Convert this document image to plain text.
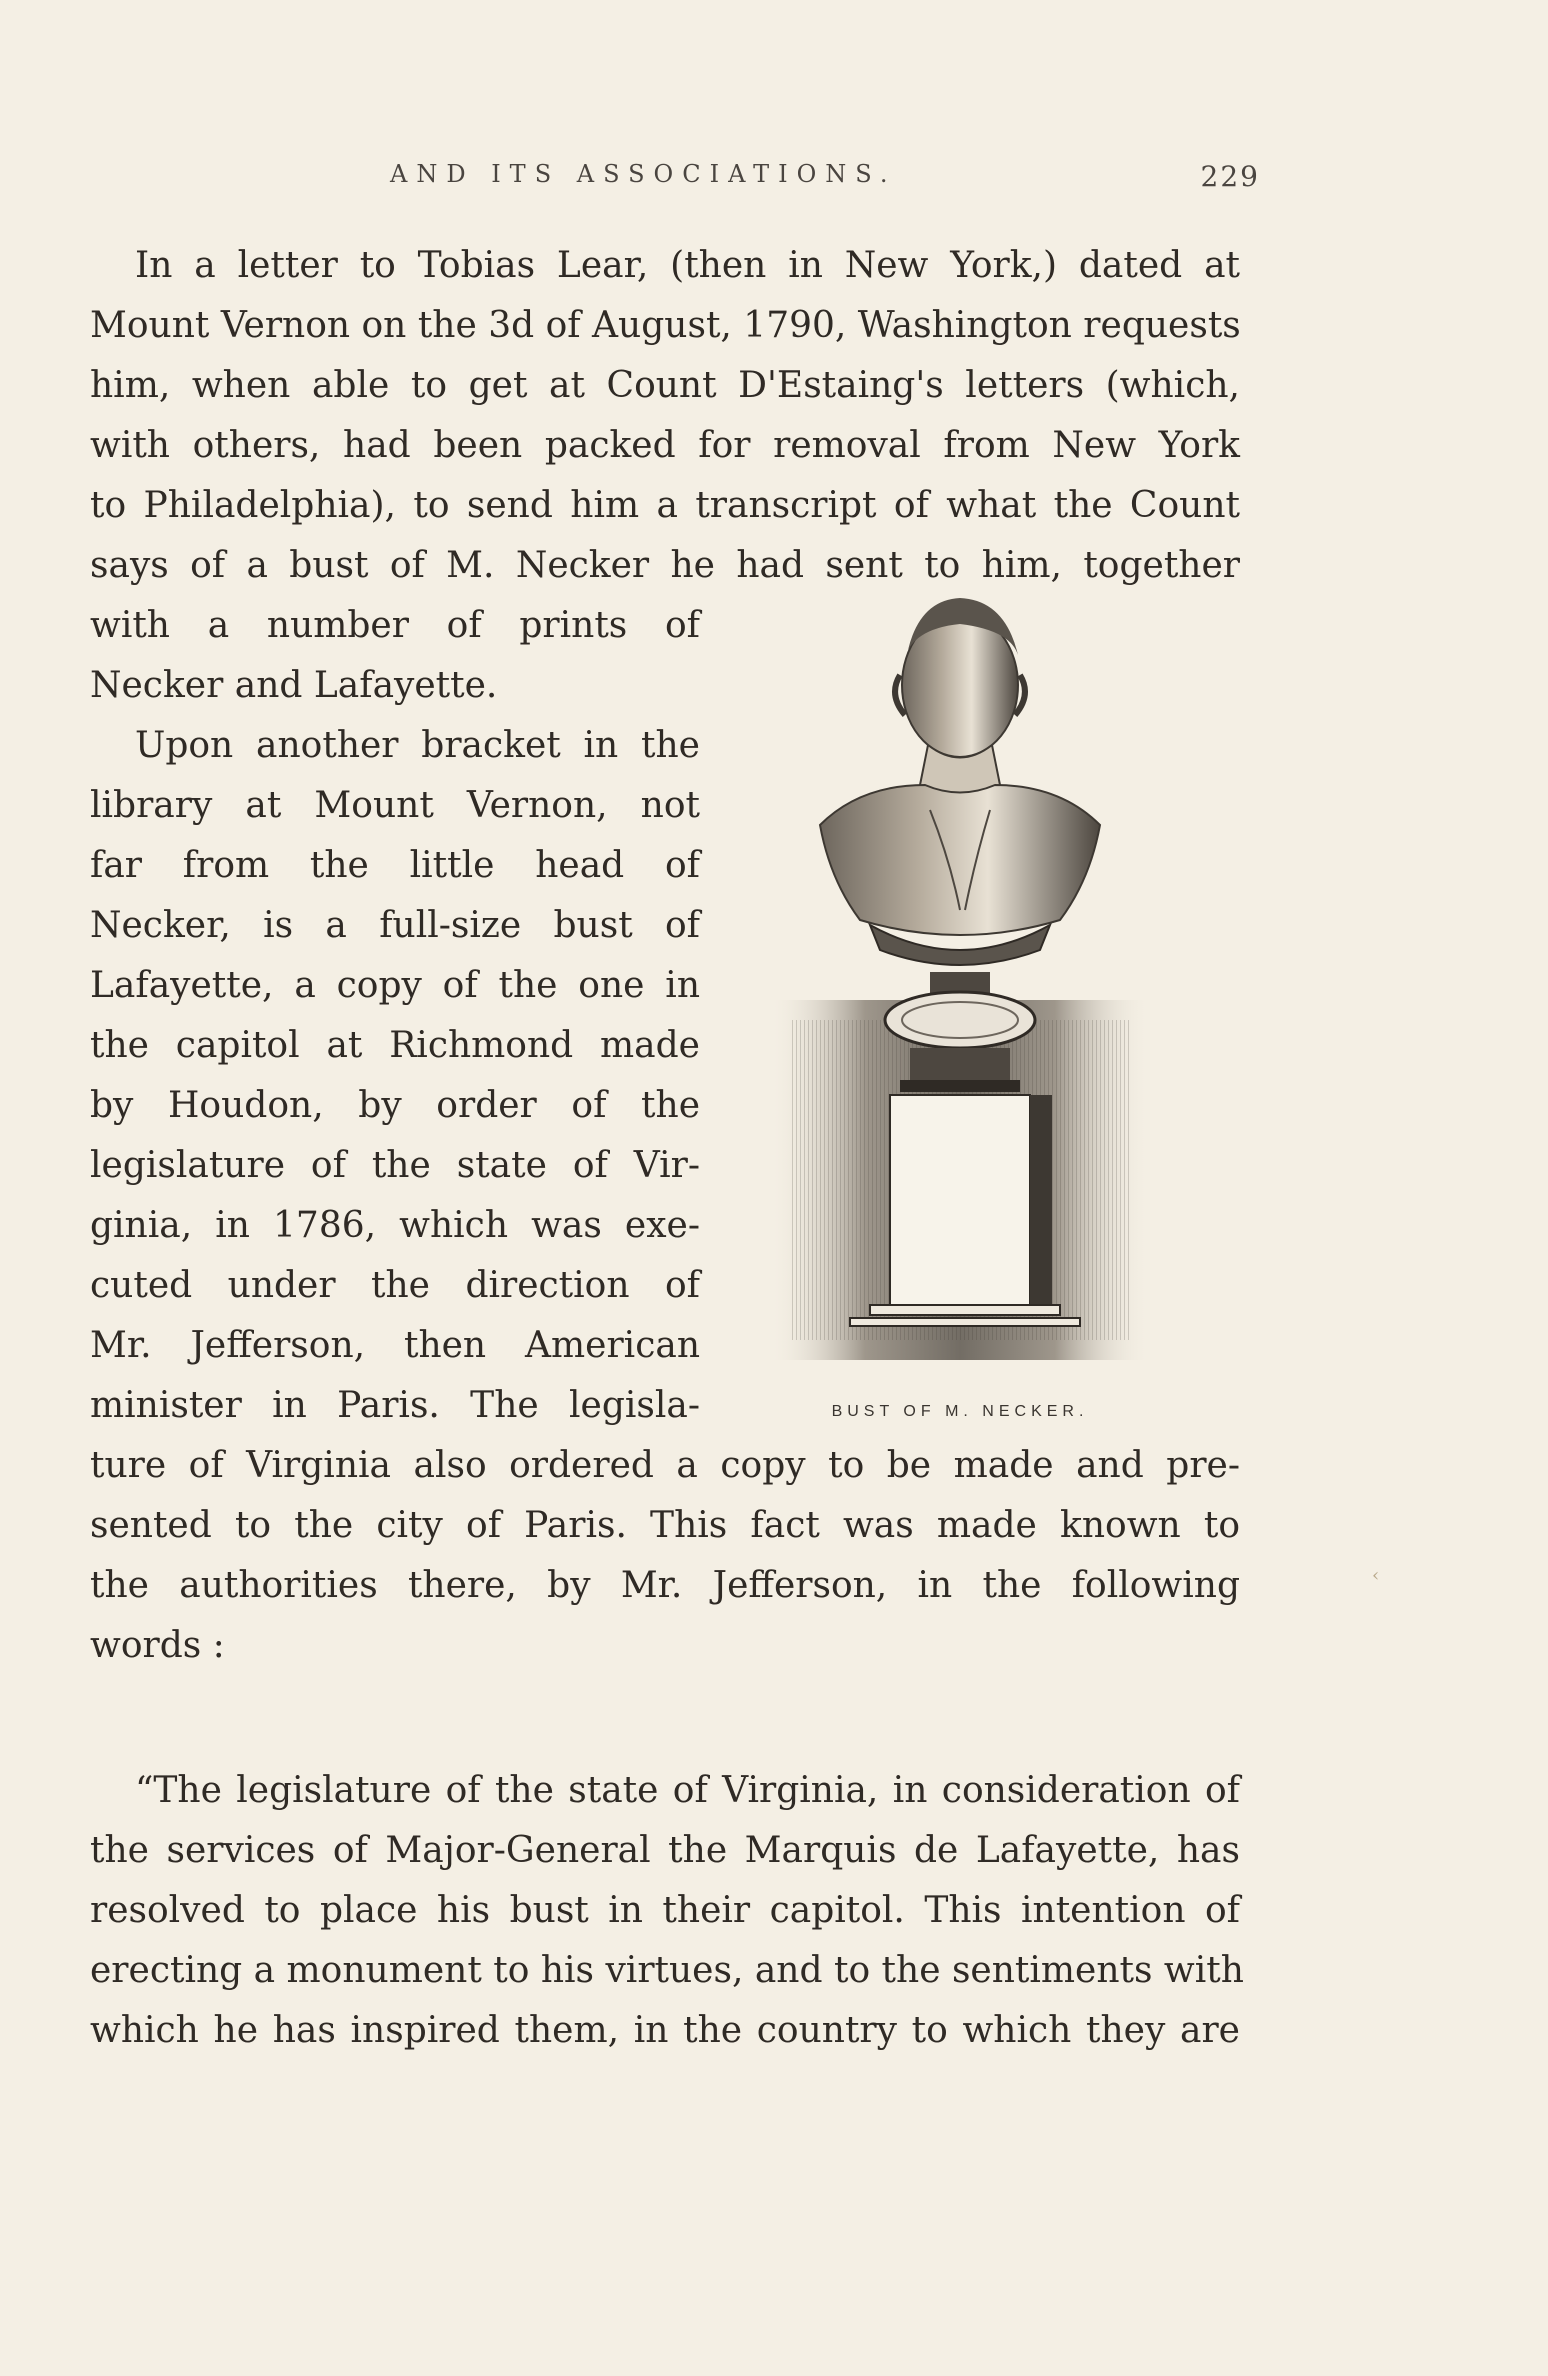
AND ITS ASSOCIATIONS.	229
In a letter to Tobias Lear, (then in New York,) dated at
Mount Vernon on the 3d of August, 1790, Washington requests
him, when able to get at Count D'Estaing's letters (which,
with others, had been packed for removal from New York
to Philadelphia), to send him a transcript of what the Count
says of a bust of M. Necker he had sent to him, together
with a number of prints of
Necker and Lafayette.
Upon another bracket in the
library at Mount Vernon, not
far from the little head of
Necker, is a full-size bust of
Lafayette, a copy of the one in
the capitol at Richmond made
by Houdon, by order of the
legislature of the state of Vir-
ginia, in 1786, which was exe-
cuted under the direction of
Mr. Jefferson, then American
minister in Paris. The legisla-
ture of Virginia also ordered a copy to be made and pre-
sented to the city of Paris. This fact was made known to
the authorities there, by Mr. Jefferson, in the following
words :
“The legislature of the state of Virginia, in consideration of
the services of Major-General the Marquis de Lafayette, has
resolved to place his bust in their capitol. This intention of
erecting a monument to his virtues, and to the sentiments with
which he has inspired them, in the country to which they are
BUST OF M. NECKER.
‹
